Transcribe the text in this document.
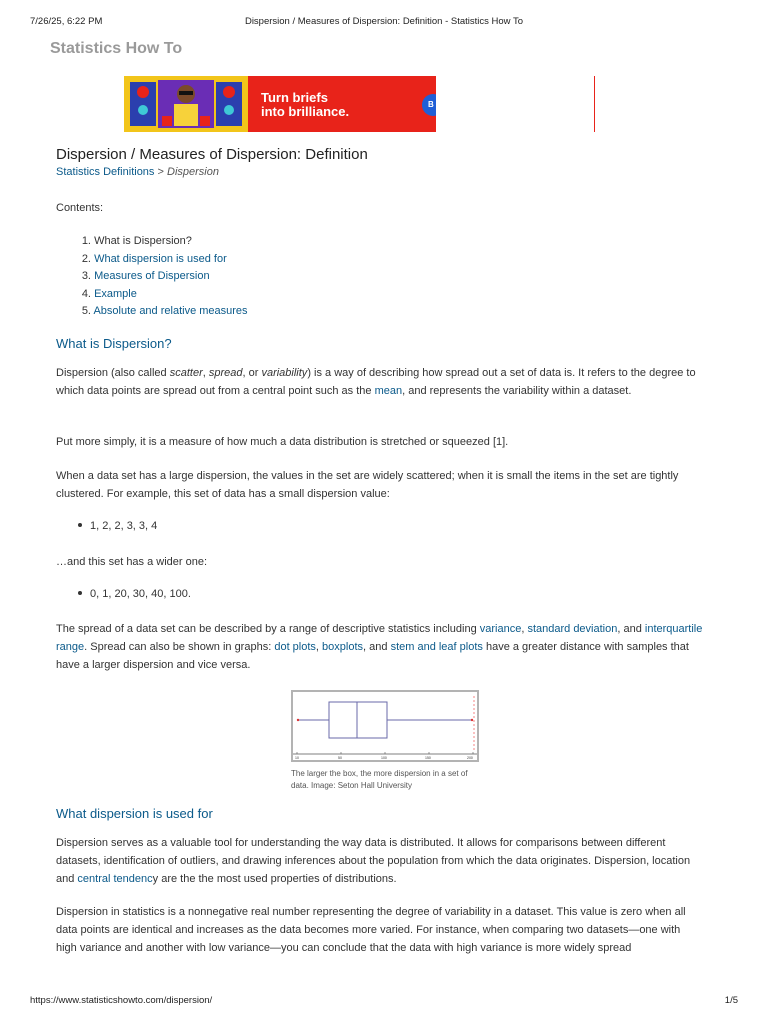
7/26/25, 6:22 PM	Dispersion / Measures of Dispersion: Definition - Statistics How To
Statistics How To
Turn briefs
into brilliance.	B
Dispersion / Measures of Dispersion: Definition
Statistics Definitions > Dispersion
Contents:
1. What is Dispersion?
2. What dispersion is used for
3. Measures of Dispersion
4. Example
5. Absolute and relative measures
What is Dispersion?

Dispersion (also called scatter, spread, or variability) is a way of describing how spread out a set of data is. It refers to the degree to which data points are spread out from a central point such as the mean, and represents the variability within a dataset.

Put more simply, it is a measure of how much a data distribution is stretched or squeezed [1].

When a data set has a large dispersion, the values in the set are widely scattered; when it is small the items in the set are tightly clustered. For example, this set of data has a small dispersion value:

1, 2, 2, 3, 3, 4

…and this set has a wider one:

0, 1, 20, 30, 40, 100.

The spread of a data set can be described by a range of descriptive statistics including variance, standard deviation, and interquartile range. Spread can also be shown in graphs: dot plots, boxplots, and stem and leaf plots have a greater distance with samples that have a larger dispersion and vice versa.

10	50	100	150	200
The larger the box, the more dispersion in a set of data. Image: Seton Hall University
What dispersion is used for

Dispersion serves as a valuable tool for understanding the way data is distributed. It allows for comparisons between different datasets, identification of outliers, and drawing inferences about the population from which the data originates. Dispersion, location and central tendency are the the most used properties of distributions.

Dispersion in statistics is a nonnegative real number representing the degree of variability in a dataset. This value is zero when all data points are identical and increases as the data becomes more varied. For instance, when comparing two datasets—one with high variance and another with low variance—you can conclude that the data with high variance is more widely spread

https://www.statisticshowto.com/dispersion/	1/5
